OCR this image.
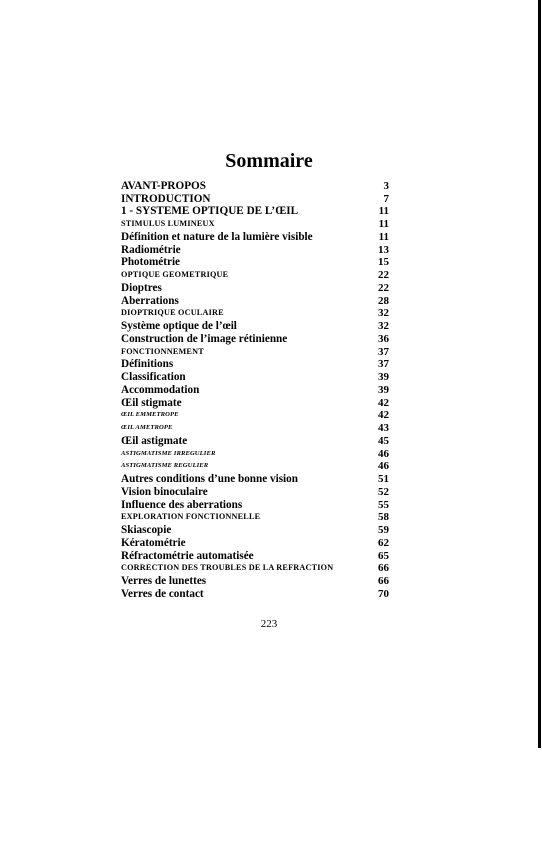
Sommaire
AVANT-PROPOS	3
INTRODUCTION	7
1 - SYSTEME OPTIQUE DE L’ŒIL	11
STIMULUS LUMINEUX	11
Définition et nature de la lumière visible	11
Radiométrie	13
Photométrie	15
OPTIQUE GEOMETRIQUE	22
Dioptres	22
Aberrations	28
DIOPTRIQUE OCULAIRE	32
Système optique de l’œil	32
Construction de l’image rétinienne	36
FONCTIONNEMENT	37
Définitions	37
Classification	39
Accommodation	39
Œil stigmate	42
ŒIL EMMETROPE	42
ŒIL AMETROPE	43
Œil astigmate	45
ASTIGMATISME IRREGULIER	46
ASTIGMATISME REGULIER	46
Autres conditions d’une bonne vision	51
Vision binoculaire	52
Influence des aberrations	55
EXPLORATION FONCTIONNELLE	58
Skiascopie	59
Kératométrie	62
Réfractométrie automatisée	65
CORRECTION DES TROUBLES DE LA REFRACTION	66
Verres de lunettes	66
Verres de contact	70
223
